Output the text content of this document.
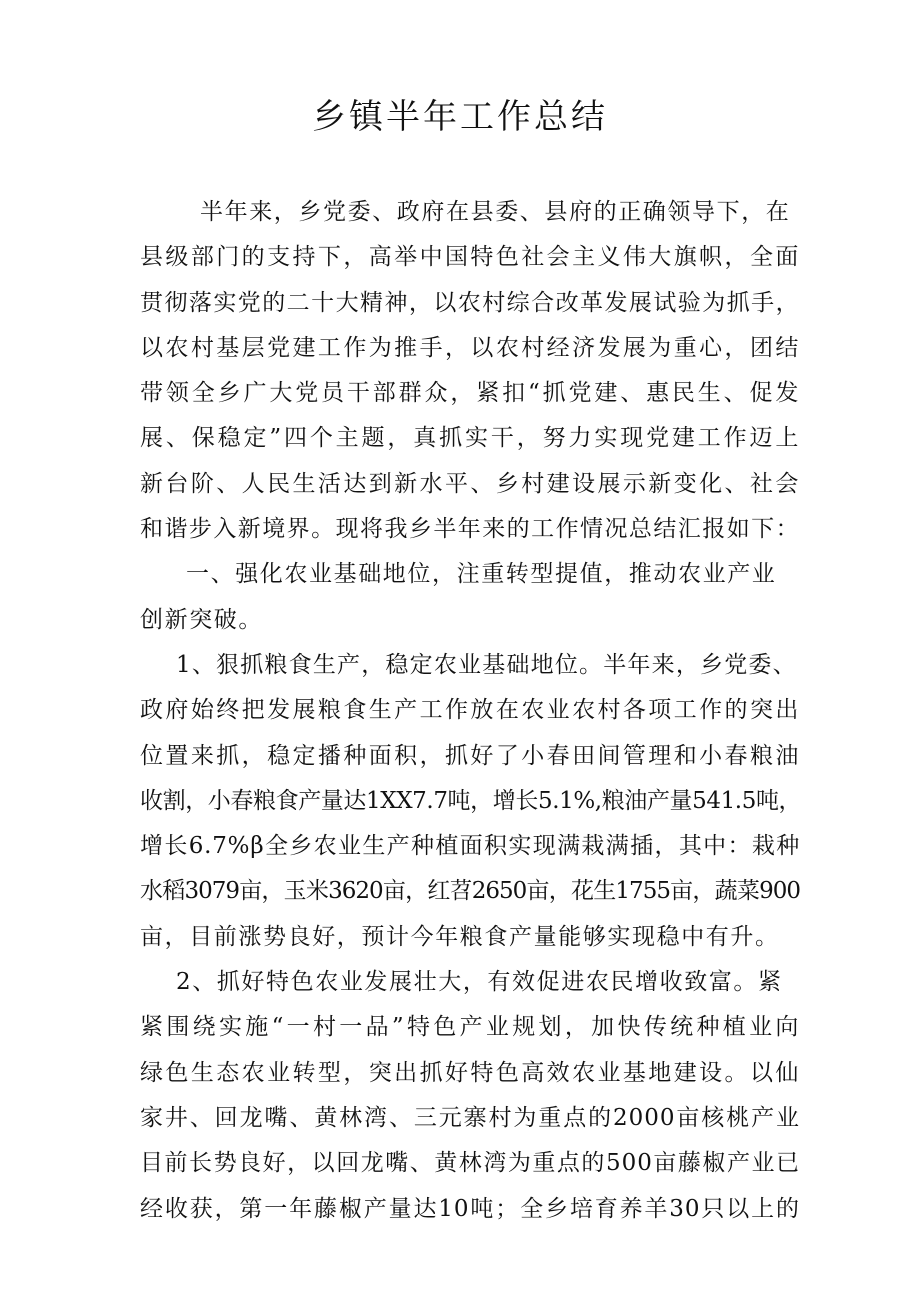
乡镇半年工作总结
半年来，乡党委、政府在县委、县府的正确领导下，在
县级部门的支持下，高举中国特色社会主义伟大旗帜，全面
贯彻落实党的二十大精神，以农村综合改革发展试验为抓手，
以农村基层党建工作为推手，以农村经济发展为重心，团结
带领全乡广大党员干部群众，紧扣“抓党建、惠民生、促发
展、保稳定”四个主题，真抓实干，努力实现党建工作迈上
新台阶、人民生活达到新水平、乡村建设展示新变化、社会
和谐步入新境界。现将我乡半年来的工作情况总结汇报如下：
一、强化农业基础地位，注重转型提值，推动农业产业
创新突破。
1、狠抓粮食生产，稳定农业基础地位。半年来，乡党委、
政府始终把发展粮食生产工作放在农业农村各项工作的突出
位置来抓，稳定播种面积，抓好了小春田间管理和小春粮油
收割，小春粮食产量达1XX7.7吨，增长5.1%,粮油产量541.5吨，
增长6.7%β全乡农业生产种植面积实现满栽满插，其中：栽种
水稻3079亩，玉米3620亩，红苕2650亩，花生1755亩，蔬菜900
亩，目前涨势良好，预计今年粮食产量能够实现稳中有升。
2、抓好特色农业发展壮大，有效促进农民增收致富。紧
紧围绕实施“一村一品”特色产业规划，加快传统种植业向
绿色生态农业转型，突出抓好特色高效农业基地建设。以仙
家井、回龙嘴、黄林湾、三元寨村为重点的2000亩核桃产业
目前长势良好，以回龙嘴、黄林湾为重点的500亩藤椒产业已
经收获，第一年藤椒产量达10吨；全乡培育养羊30只以上的
